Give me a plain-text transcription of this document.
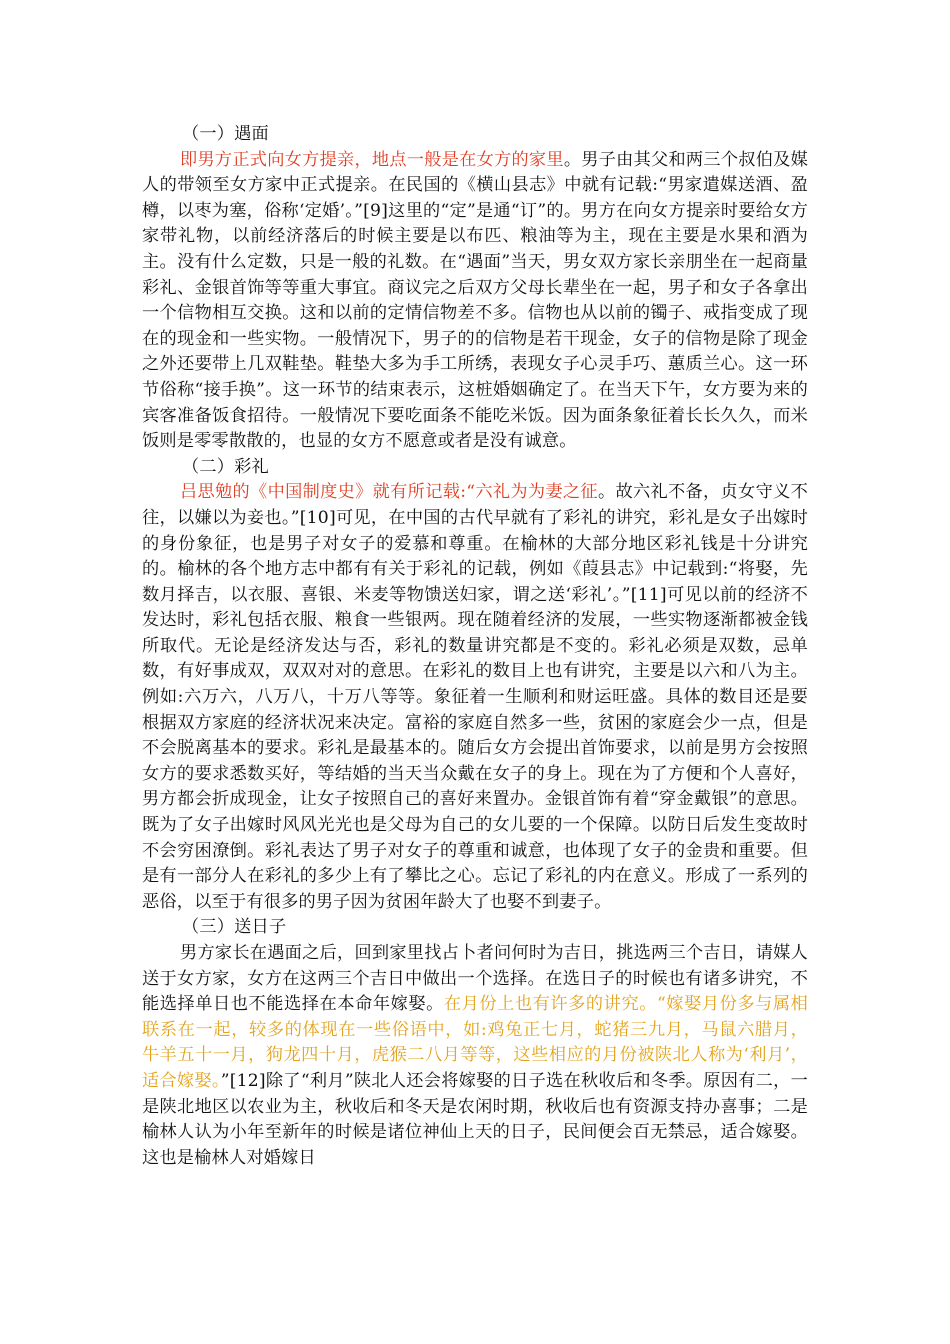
（一）遇面

即男方正式向女方提亲，地点一般是在女方的家里。男子由其父和两三个叔伯及媒人的带领至女方家中正式提亲。在民国的《横山县志》中就有记载:“男家遣媒送酒、盈樽，以枣为塞，俗称‘定婚’。”[9]这里的“定”是通“订”的。男方在向女方提亲时要给女方家带礼物，以前经济落后的时候主要是以布匹、粮油等为主，现在主要是水果和酒为主。没有什么定数，只是一般的礼数。在“遇面”当天，男女双方家长亲朋坐在一起商量彩礼、金银首饰等等重大事宜。商议完之后双方父母长辈坐在一起，男子和女子各拿出一个信物相互交换。这和以前的定情信物差不多。信物也从以前的镯子、戒指变成了现在的现金和一些实物。一般情况下，男子的的信物是若干现金，女子的信物是除了现金之外还要带上几双鞋垫。鞋垫大多为手工所绣，表现女子心灵手巧、蕙质兰心。这一环节俗称“接手换”。这一环节的结束表示，这桩婚姻确定了。在当天下午，女方要为来的宾客准备饭食招待。一般情况下要吃面条不能吃米饭。因为面条象征着长长久久，而米饭则是零零散散的，也显的女方不愿意或者是没有诚意。

（二）彩礼

吕思勉的《中国制度史》就有所记载:“六礼为为妻之征。故六礼不备，贞女守义不往，以嫌以为妾也。”[10]可见，在中国的古代早就有了彩礼的讲究，彩礼是女子出嫁时的身份象征，也是男子对女子的爱慕和尊重。在榆林的大部分地区彩礼钱是十分讲究的。榆林的各个地方志中都有有关于彩礼的记载，例如《葭县志》中记载到:“将娶，先数月择吉，以衣服、喜银、米麦等物馈送妇家，谓之送‘彩礼’。”[11]可见以前的经济不发达时，彩礼包括衣服、粮食一些银两。现在随着经济的发展，一些实物逐渐都被金钱所取代。无论是经济发达与否，彩礼的数量讲究都是不变的。彩礼必须是双数，忌单数，有好事成双，双双对对的意思。在彩礼的数目上也有讲究，主要是以六和八为主。例如:六万六，八万八，十万八等等。象征着一生顺利和财运旺盛。具体的数目还是要根据双方家庭的经济状况来决定。富裕的家庭自然多一些，贫困的家庭会少一点，但是不会脱离基本的要求。彩礼是最基本的。随后女方会提出首饰要求，以前是男方会按照女方的要求悉数买好，等结婚的当天当众戴在女子的身上。现在为了方便和个人喜好，男方都会折成现金，让女子按照自己的喜好来置办。金银首饰有着“穿金戴银”的意思。既为了女子出嫁时风风光光也是父母为自己的女儿要的一个保障。以防日后发生变故时不会穷困潦倒。彩礼表达了男子对女子的尊重和诚意，也体现了女子的金贵和重要。但是有一部分人在彩礼的多少上有了攀比之心。忘记了彩礼的内在意义。形成了一系列的恶俗，以至于有很多的男子因为贫困年龄大了也娶不到妻子。

（三）送日子

男方家长在遇面之后，回到家里找占卜者问何时为吉日，挑选两三个吉日，请媒人送于女方家，女方在这两三个吉日中做出一个选择。在选日子的时候也有诸多讲究，不能选择单日也不能选择在本命年嫁娶。在月份上也有许多的讲究。“嫁娶月份多与属相联系在一起，较多的体现在一些俗语中，如:鸡兔正七月，蛇猪三九月，马鼠六腊月，牛羊五十一月，狗龙四十月，虎猴二八月等等，这些相应的月份被陕北人称为‘利月’，适合嫁娶。”[12]除了“利月”陕北人还会将嫁娶的日子选在秋收后和冬季。原因有二，一是陕北地区以农业为主，秋收后和冬天是农闲时期，秋收后也有资源支持办喜事；二是榆林人认为小年至新年的时候是诸位神仙上天的日子，民间便会百无禁忌，适合嫁娶。这也是榆林人对婚嫁日
